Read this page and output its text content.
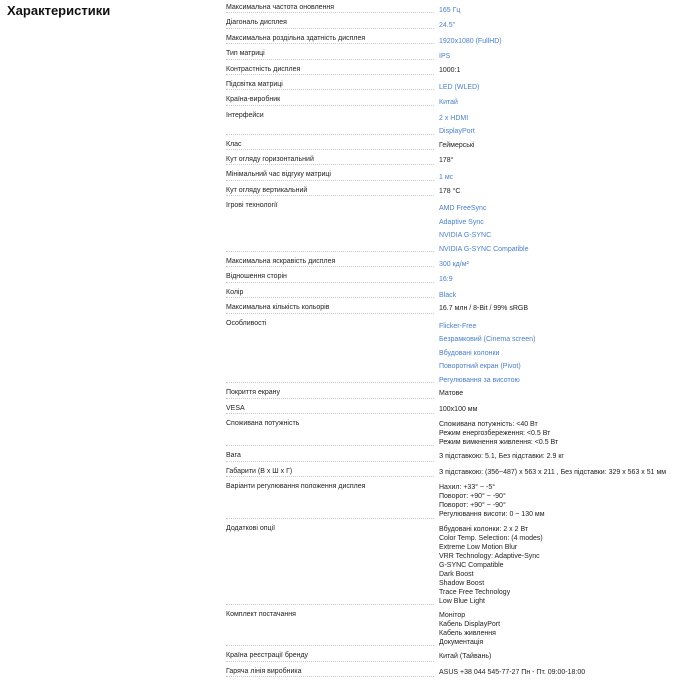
Характеристики	Максимальна частота оновлення	165 Гц
Діагональ дисплея	24.5"
Максимальна роздільна здатність дисплея	1920x1080 (FullHD)
Тип матриці	IPS
Контрастність дисплея	1000:1
Підсвітка матриці	LED (WLED)
Країна-виробник	Китай
Інтерфейси	2 x HDMI
DisplayPort
Клас	Геймерські
Кут огляду горизонтальний	178°
Мінімальний час відгуку матриці	1 мс
Кут огляду вертикальний	178 °C
Ігрові технології	AMD FreeSync
Adaptive Sync
NVIDIA G-SYNC
NVIDIA G-SYNC Compatible
Максимальна яскравість дисплея	300 кд/м²
Відношення сторін	16:9
Колір	Black
Максимальна кількість кольорів	16.7 млн / 8-Bit / 99% sRGB
Особливості	Flicker-Free
Безрамковий (Cinema screen)
Вбудовані колонки
Поворотний екран (Pivot)
Регулювання за висотою
Покриття екрану	Матове
VESA	100x100 мм
Споживана потужність	Споживана потужність: <40 Вт
Режим енергозбереження: <0.5 Вт
Режим вимкнення живлення: <0.5 Вт
Вага	З підставкою: 5.1, Без підставки: 2.9 кг
Габарити (В х Ш х Г)	З підставкою: (356~487) x 563 x 211 , Без підставки: 329 x 563 x 51 мм
Варіанти регулювання положення дисплея	Нахил: +33° ~ -5°
Поворот: +90° ~ -90°
Поворот: +90° ~ -90°
Регулювання висоти: 0 ~ 130 мм
Додаткові опції	Вбудовані колонки: 2 x 2 Вт
Color Temp. Selection: (4 modes)
Extreme Low Motion Blur
VRR Technology: Adaptive-Sync
G-SYNC Compatible
Dark Boost
Shadow Boost
Trace Free Technology
Low Blue Light
Комплект постачання	Монітор
Кабель DisplayPort
Кабель живлення
Документація
Країна реєстрації бренду	Китай (Тайвань)
Гаряча лінія виробника	ASUS +38 044 545-77-27 Пн - Пт. 09:00-18:00
